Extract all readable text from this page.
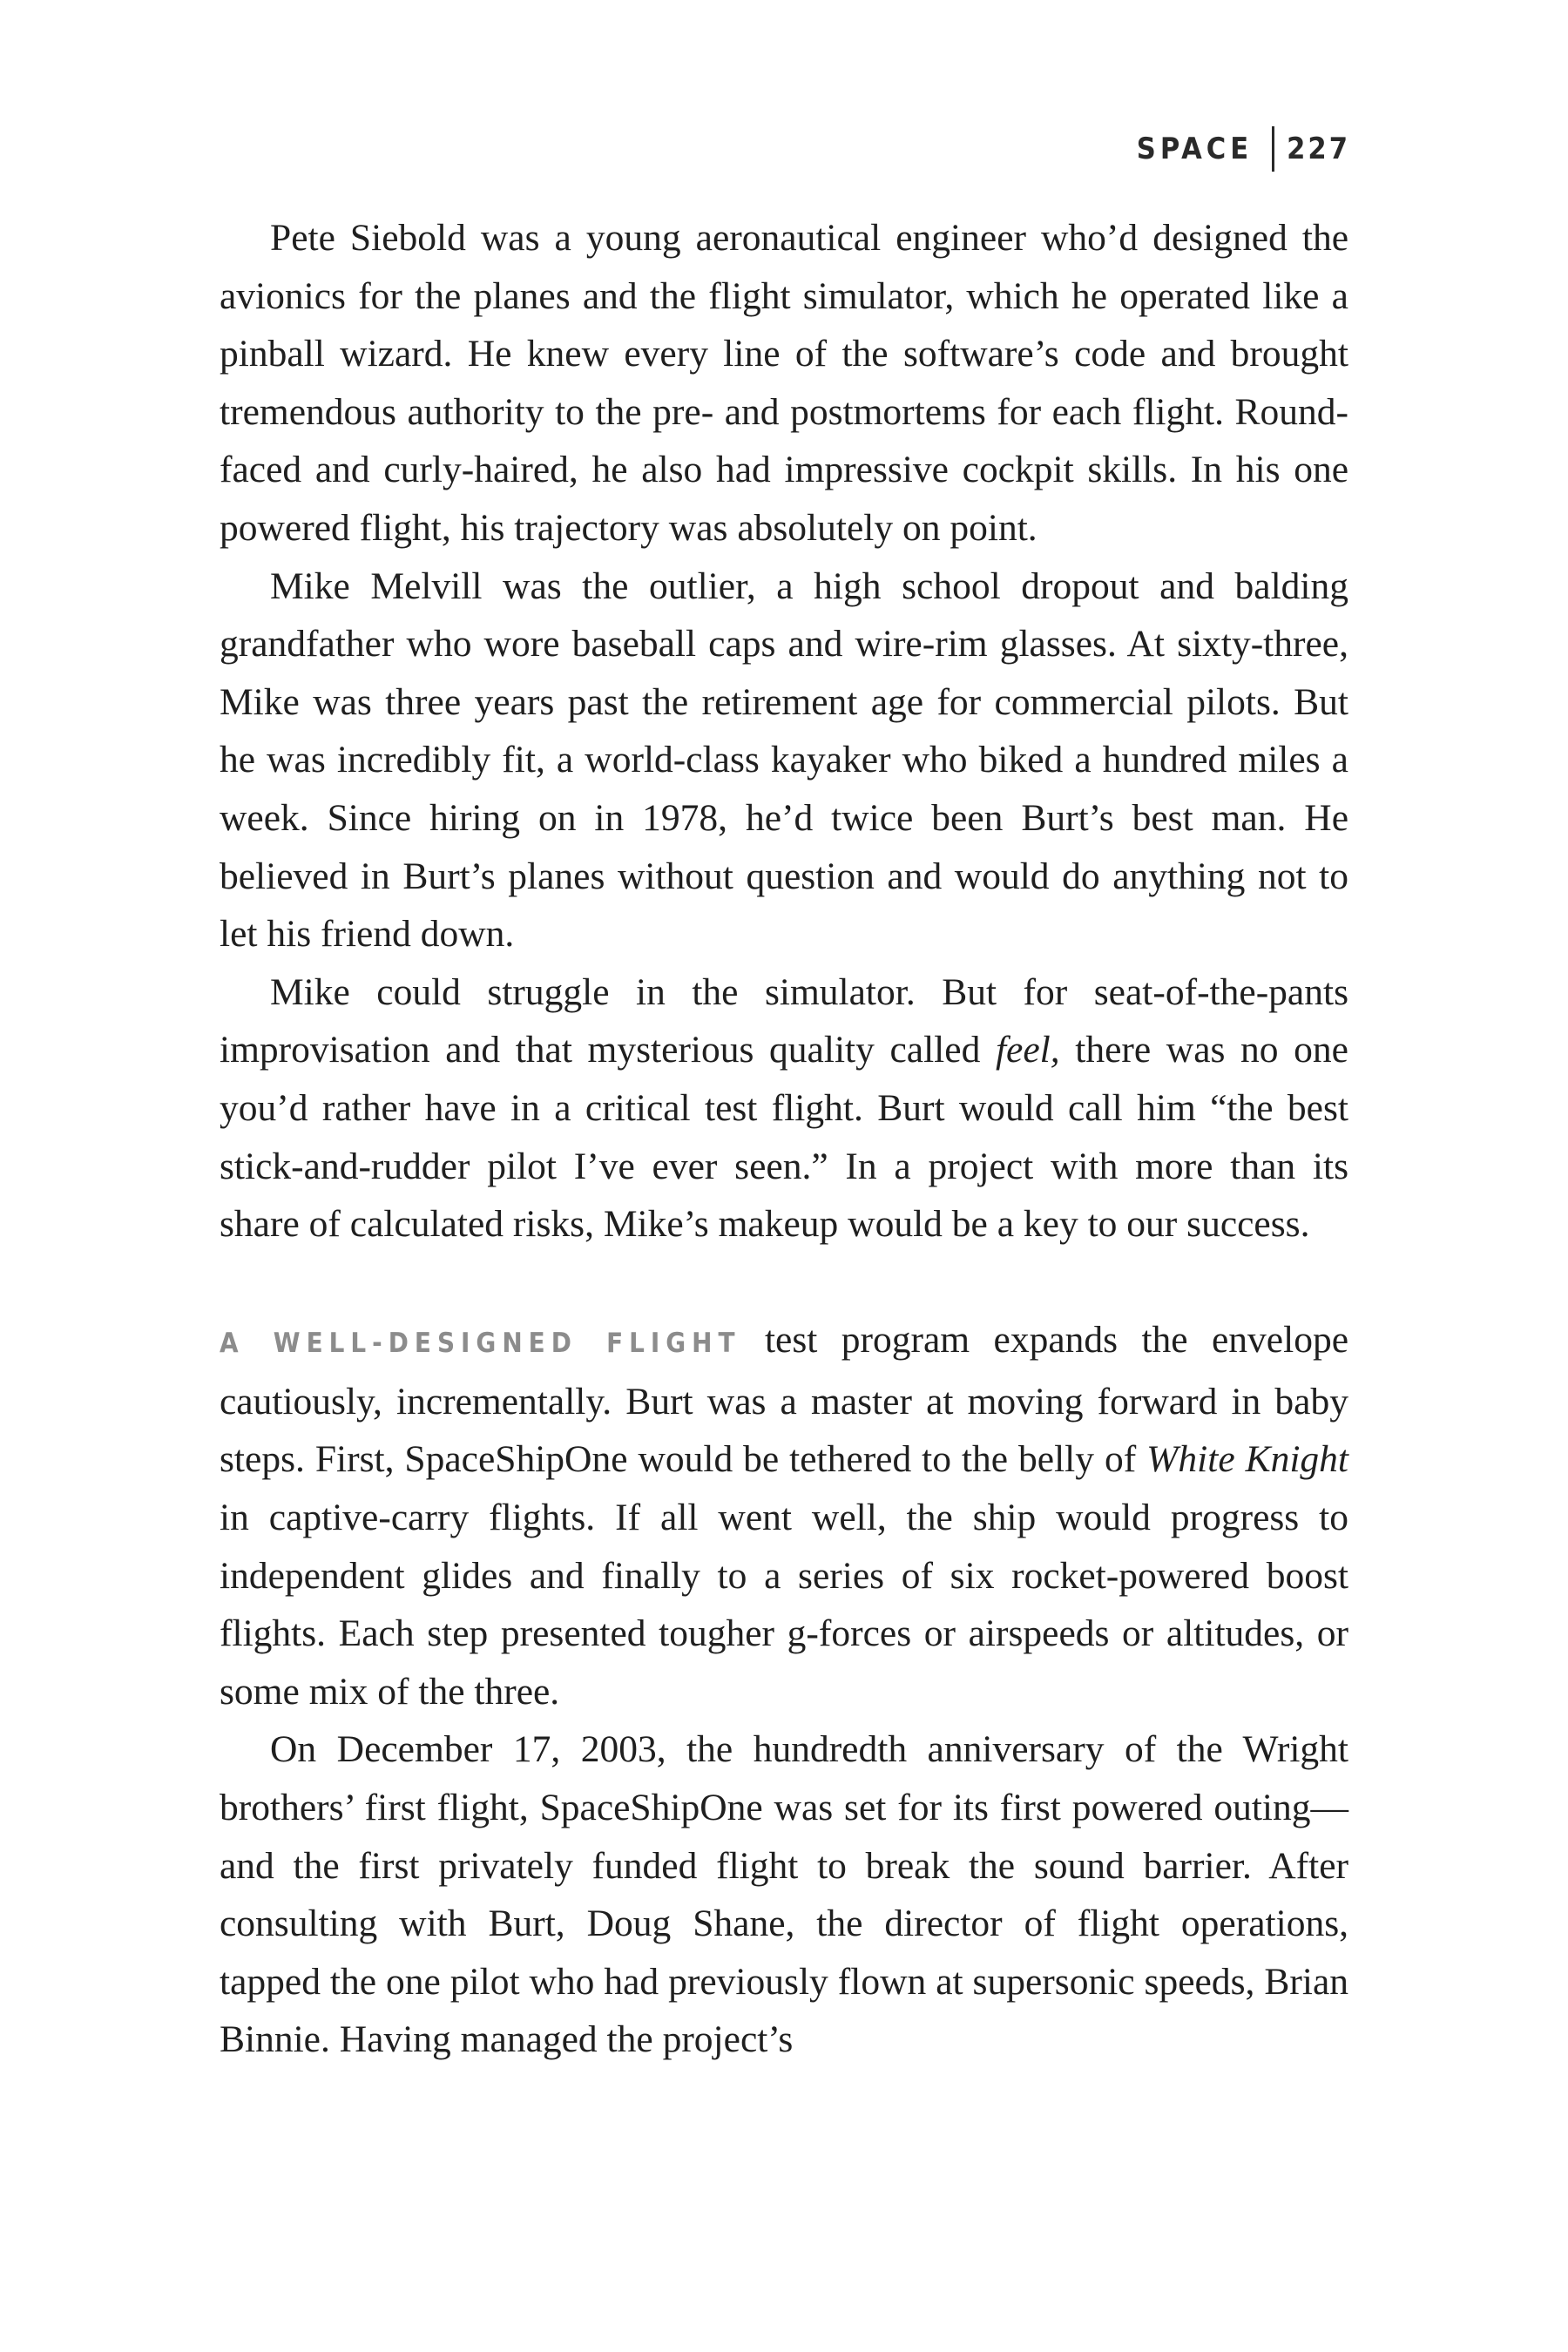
SPACE 227

Pete Siebold was a young aeronautical engineer who’d designed the avionics for the planes and the flight simulator, which he operated like a pinball wizard. He knew every line of the software’s code and brought tremendous authority to the pre- and postmortems for each flight. Round-faced and curly-haired, he also had impressive cockpit skills. In his one powered flight, his trajectory was absolutely on point.

Mike Melvill was the outlier, a high school dropout and balding grandfather who wore baseball caps and wire-rim glasses. At sixty-three, Mike was three years past the retirement age for commercial pilots. But he was incredibly fit, a world-class kayaker who biked a hundred miles a week. Since hiring on in 1978, he’d twice been Burt’s best man. He believed in Burt’s planes without question and would do anything not to let his friend down.

Mike could struggle in the simulator. But for seat-of-the-pants improvisation and that mysterious quality called feel, there was no one you’d rather have in a critical test flight. Burt would call him “the best stick-and-rudder pilot I’ve ever seen.” In a project with more than its share of calculated risks, Mike’s makeup would be a key to our success.

A WELL-DESIGNED FLIGHT test program expands the envelope cautiously, incrementally. Burt was a master at moving forward in baby steps. First, SpaceShipOne would be tethered to the belly of White Knight in captive-carry flights. If all went well, the ship would progress to independent glides and finally to a series of six rocket-powered boost flights. Each step presented tougher g-forces or airspeeds or altitudes, or some mix of the three.

On December 17, 2003, the hundredth anniversary of the Wright brothers’ first flight, SpaceShipOne was set for its first powered outing—and the first privately funded flight to break the sound barrier. After consulting with Burt, Doug Shane, the director of flight operations, tapped the one pilot who had previously flown at supersonic speeds, Brian Binnie. Having managed the project’s
